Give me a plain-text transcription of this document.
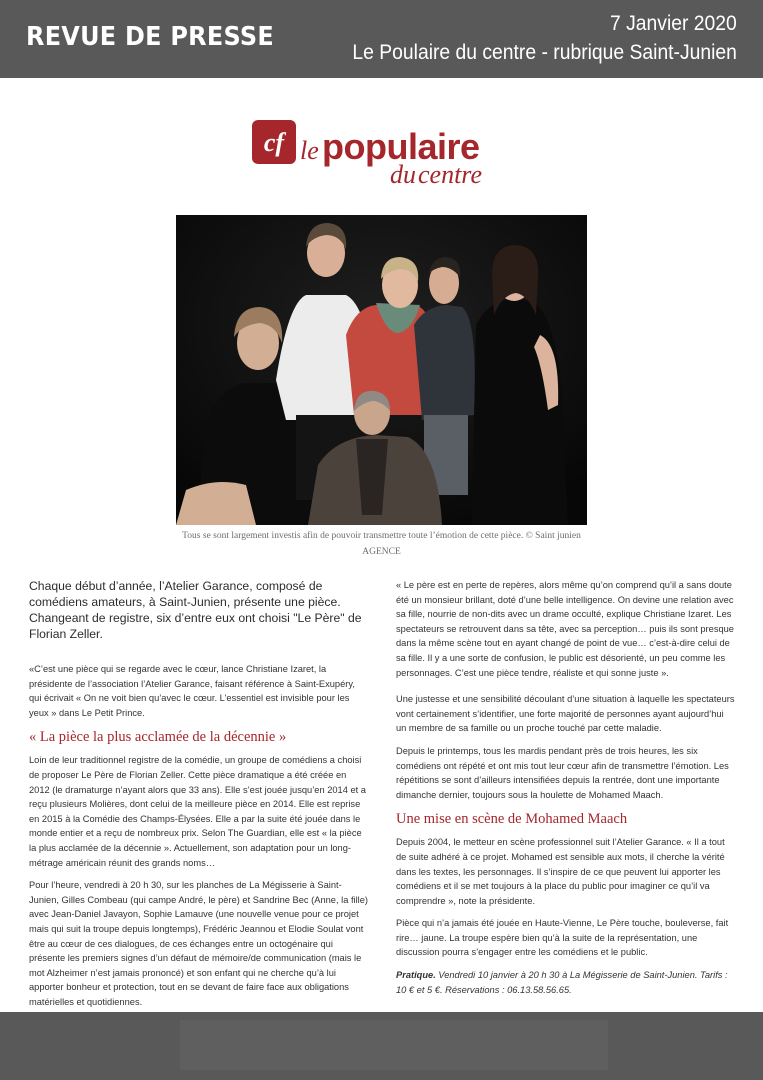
REVUE DE PRESSE	7 Janvier 2020
Le Poulaire du centre - rubrique Saint-Junien
cf le populaire
du centre
Tous se sont largement investis afin de pouvoir transmettre toute l’émotion de cette pièce. © Saint junien AGENCE

Chaque début d’année, l’Atelier Garance, composé de comédiens amateurs, à Saint-Junien, présente une pièce. Changeant de registre, six d’entre eux ont choisi "Le Père" de Florian Zeller.

«C’est une pièce qui se regarde avec le cœur, lance Christiane Izaret, la présidente de l’association l’Atelier Garance, faisant référence à Saint-Exupéry, qui écrivait « On ne voit bien qu’avec le cœur. L’essentiel est invisible pour les yeux » dans Le Petit Prince.

« La pièce la plus acclamée de la décennie »

Loin de leur traditionnel registre de la comédie, un groupe de comédiens a choisi de proposer Le Père de Florian Zeller. Cette pièce dramatique a été créée en 2012 (le dramaturge n’ayant alors que 33 ans). Elle s’est jouée jusqu’en 2014 et a reçu plusieurs Molières, dont celui de la meilleure pièce en 2014. Elle est reprise en 2015 à la Comédie des Champs-Élysées. Elle a par la suite été jouée dans le monde entier et a reçu de nombreux prix. Selon The Guardian, elle est « la pièce la plus acclamée de la décennie ». Actuellement, son adaptation pour un long-métrage américain réunit des grands noms…

Pour l’heure, vendredi à 20 h 30, sur les planches de La Mégisserie à Saint-Junien, Gilles Combeau (qui campe André, le père) et Sandrine Bec (Anne, la fille) avec Jean-Daniel Javayon, Sophie Lamauve (une nouvelle venue pour ce projet mais qui suit la troupe depuis longtemps), Frédéric Jeannou et Elodie Soulat vont être au cœur de ces dialogues, de ces échanges entre un octogénaire qui présente les premiers signes d’un défaut de mémoire/de communication (mais le mot Alzheimer n’est jamais prononcé) et son enfant qui ne cherche qu’à lui apporter bonheur et protection, tout en se devant de faire face aux obligations matérielles et quotidiennes.

« Le père est en perte de repères, alors même qu’on comprend qu’il a sans doute été un monsieur brillant, doté d’une belle intelligence. On devine une relation avec sa fille, nourrie de non-dits avec un drame occulté, explique Christiane Izaret. Les spectateurs se retrouvent dans sa tête, avec sa perception… puis ils sont presque dans la même scène tout en ayant changé de point de vue… c’est-à-dire celui de sa fille. Il y a une sorte de confusion, le public est désorienté, un peu comme les personnages. C’est une pièce tendre, réaliste et qui sonne juste ».

Une justesse et une sensibilité découlant d’une situation à laquelle les spectateurs vont certainement s’identifier, une forte majorité de personnes ayant aujourd’hui un membre de sa famille ou un proche touché par cette maladie.

Depuis le printemps, tous les mardis pendant près de trois heures, les six comédiens ont répété et ont mis tout leur cœur afin de transmettre l’émotion. Les répétitions se sont d’ailleurs intensifiées depuis la rentrée, dont une importante dimanche dernier, toujours sous la houlette de Mohamed Maach.

Une mise en scène de Mohamed Maach

Depuis 2004, le metteur en scène professionnel suit l’Atelier Garance. « Il a tout de suite adhéré à ce projet. Mohamed est sensible aux mots, il cherche la vérité dans les textes, les personnages. Il s’inspire de ce que peuvent lui apporter les comédiens et il se met toujours à la place du public pour imaginer ce qu’il va comprendre », note la présidente.

Pièce qui n’a jamais été jouée en Haute-Vienne, Le Père touche, bouleverse, fait rire… jaune. La troupe espère bien qu’à la suite de la représentation, une discussion pourra s’engager entre les comédiens et le public.

Pratique. Vendredi 10 janvier à 20 h 30 à La Mégisserie de Saint-Junien. Tarifs : 10 € et 5 €. Réservations : 06.13.58.56.65.
